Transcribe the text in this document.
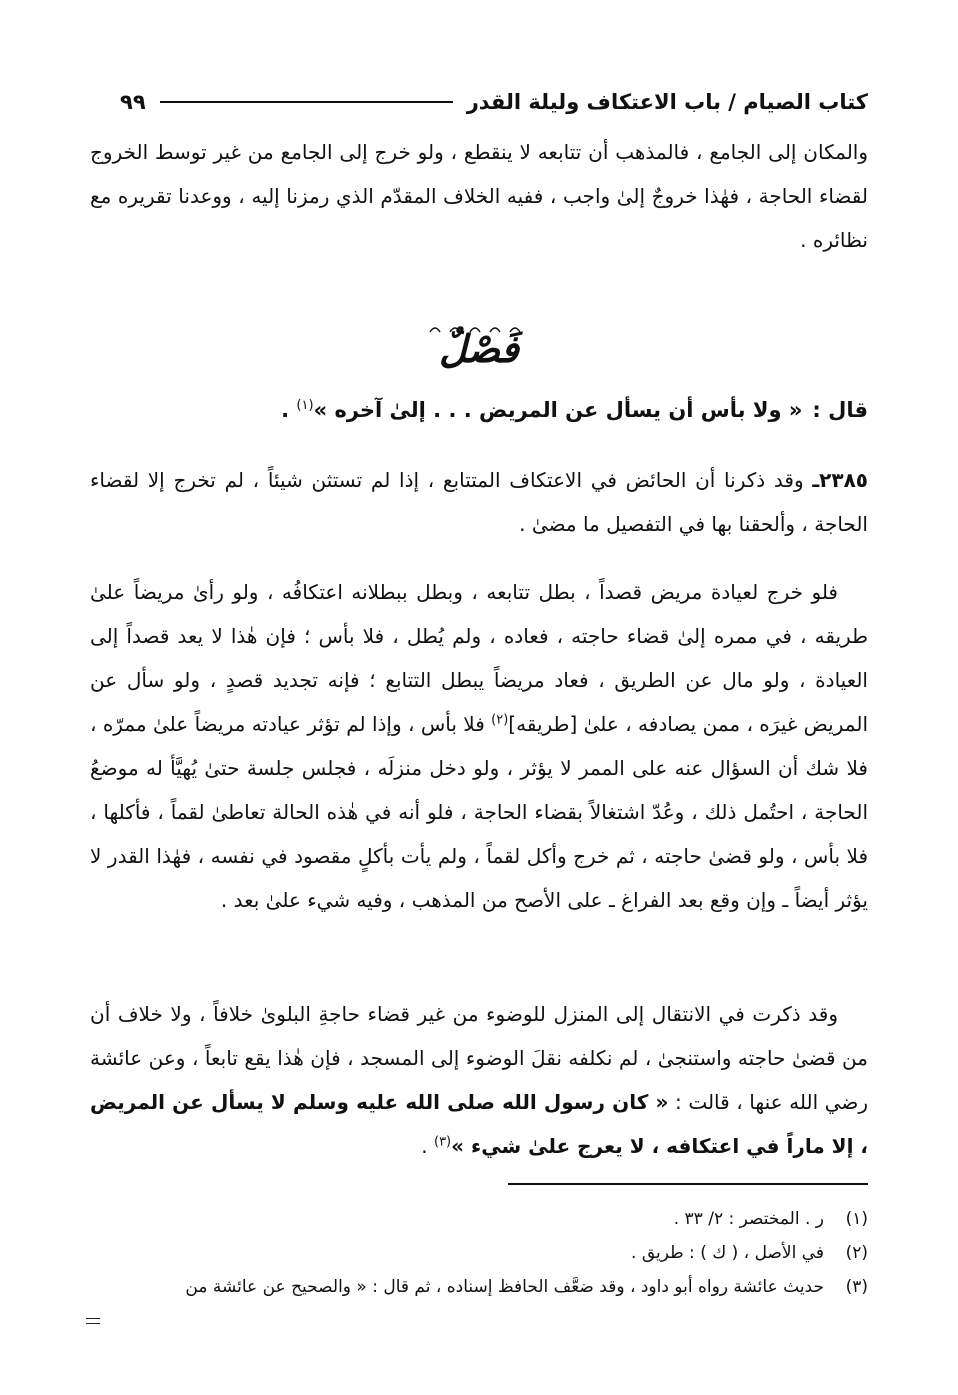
كتاب الصيام / باب الاعتكاف وليلة القدر
٩٩
والمكان إلى الجامع ، فالمذهب أن تتابعه لا ينقطع ، ولو خرج إلى الجامع من غير توسط الخروج لقضاء الحاجة ، فهٰذا خروجٌ إلىٰ واجب ، ففيه الخلاف المقدّم الذي رمزنا إليه ، ووعدنا تقريره مع نظائره .
فَصْلٌ
قال :« ولا بأس أن يسأل عن المريض . . . إلىٰ آخره »$^{(١)}$ .
٢٣٨٥ـ وقد ذكرنا أن الحائض في الاعتكاف المتتابع ، إذا لم تستثن شيئاً ، لم تخرج إلا لقضاء الحاجة ، وألحقنا بها في التفصيل ما مضىٰ .
فلو خرج لعيادة مريض قصداً ، بطل تتابعه ، وبطل ببطلانه اعتكافُه ، ولو رأىٰ مريضاً علىٰ طريقه ، في ممره إلىٰ قضاء حاجته ، فعاده ، ولم يُطل ، فلا بأس ؛ فإن هٰذا لا يعد قصداً إلى العيادة ، ولو مال عن الطريق ، فعاد مريضاً يبطل التتابع ؛ فإنه تجديد قصدٍ ، ولو سأل عن المريض غيرَه ، ممن يصادفه ، علىٰ [طريقه]$^{(٢)}$ فلا بأس ، وإذا لم تؤثر عيادته مريضاً علىٰ ممرّه ، فلا شك أن السؤال عنه على الممر لا يؤثر ، ولو دخل منزلَه ، فجلس جلسة حتىٰ يُهيَّأ له موضعُ الحاجة ، احتُمل ذلك ، وعُدّ اشتغالاً بقضاء الحاجة ، فلو أنه في هٰذه الحالة تعاطىٰ لقماً ، فأكلها ، فلا بأس ، ولو قضىٰ حاجته ، ثم خرج وأكل لقماً ، ولم يأت بأكلٍ مقصود في نفسه ، فهٰذا القدر لا يؤثر أيضاً ـ وإن وقع بعد الفراغ ـ على الأصح من المذهب ، وفيه شيء علىٰ بعد .
وقد ذكرت في الانتقال إلى المنزل للوضوء من غير قضاء حاجةِ البلوىٰ خلافاً ، ولا خلاف أن من قضىٰ حاجته واستنجىٰ ، لم نكلفه نقلَ الوضوء إلى المسجد ، فإن هٰذا يقع تابعاً ، وعن عائشة رضي الله عنها ، قالت : « كان رسول الله صلى الله عليه وسلم لا يسأل عن المريض ، إلا ماراً في اعتكافه ، لا يعرج علىٰ شيء »$^{(٣)}$ .
(١)
ر . المختصر : ٢/ ٣٣ .
(٢)
في الأصل ، ( ك ) : طريق .
(٣)
حديث عائشة رواه أبو داود ، وقد ضعَّف الحافظ إسناده ، ثم قال : « والصحيح عن عائشة من
